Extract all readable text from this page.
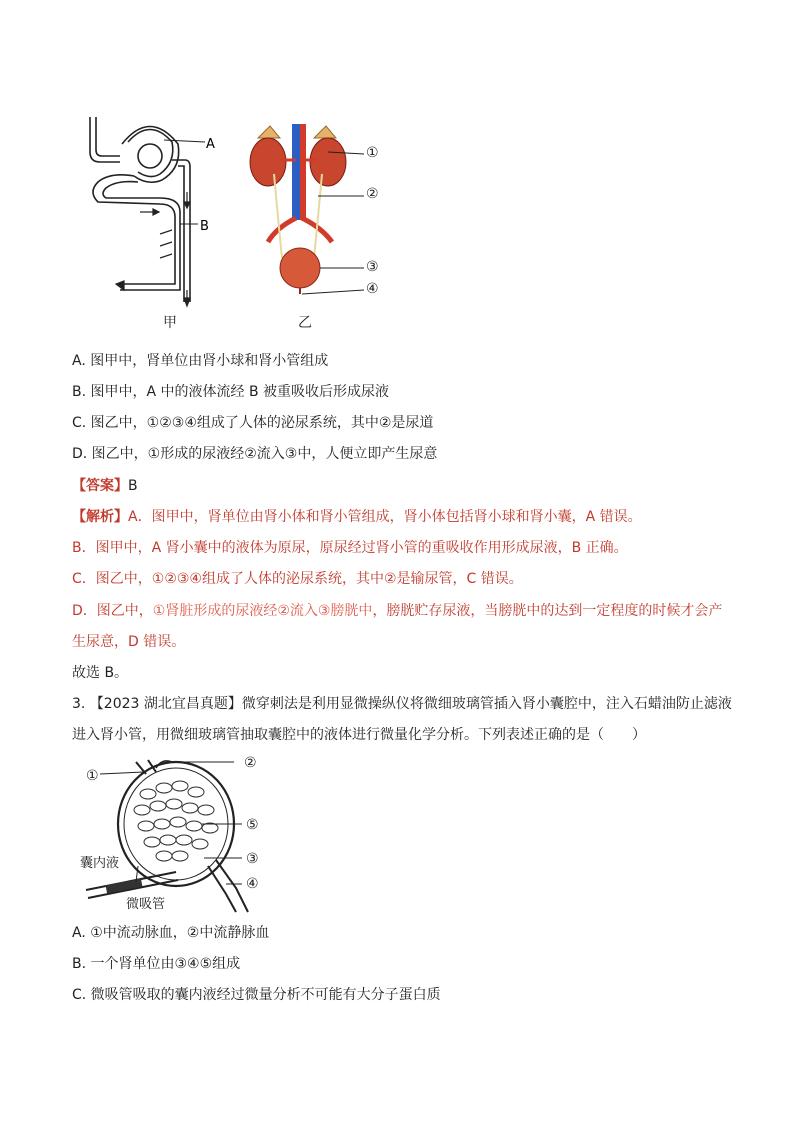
A
B
甲
①
②
③
④
乙
A. 图甲中，肾单位由肾小球和肾小管组成
B. 图甲中，A 中的液体流经 B 被重吸收后形成尿液
C. 图乙中，①②③④组成了人体的泌尿系统，其中②是尿道
D. 图乙中，①形成的尿液经②流入③中，人便立即产生尿意
【答案】B
【解析】A．图甲中，肾单位由肾小体和肾小管组成，肾小体包括肾小球和肾小囊，A 错误。
B．图甲中，A 肾小囊中的液体为原尿，原尿经过肾小管的重吸收作用形成尿液，B 正确。
C．图乙中，①②③④组成了人体的泌尿系统，其中②是输尿管，C 错误。
D．图乙中，①肾脏形成的尿液经②流入③膀胱中，膀胱贮存尿液，当膀胱中的达到一定程度的时候才会产
生尿意，D 错误。
故选 B。
3. 【2023 湖北宜昌真题】微穿刺法是利用显微操纵仪将微细玻璃管插入肾小囊腔中，注入石蜡油防止滤液
进入肾小管，用微细玻璃管抽取囊腔中的液体进行微量化学分析。下列表述正确的是（　　）
①
②
③
④
⑤
囊内液
微吸管
A. ①中流动脉血，②中流静脉血
B. 一个肾单位由③④⑤组成
C. 微吸管吸取的囊内液经过微量分析不可能有大分子蛋白质
